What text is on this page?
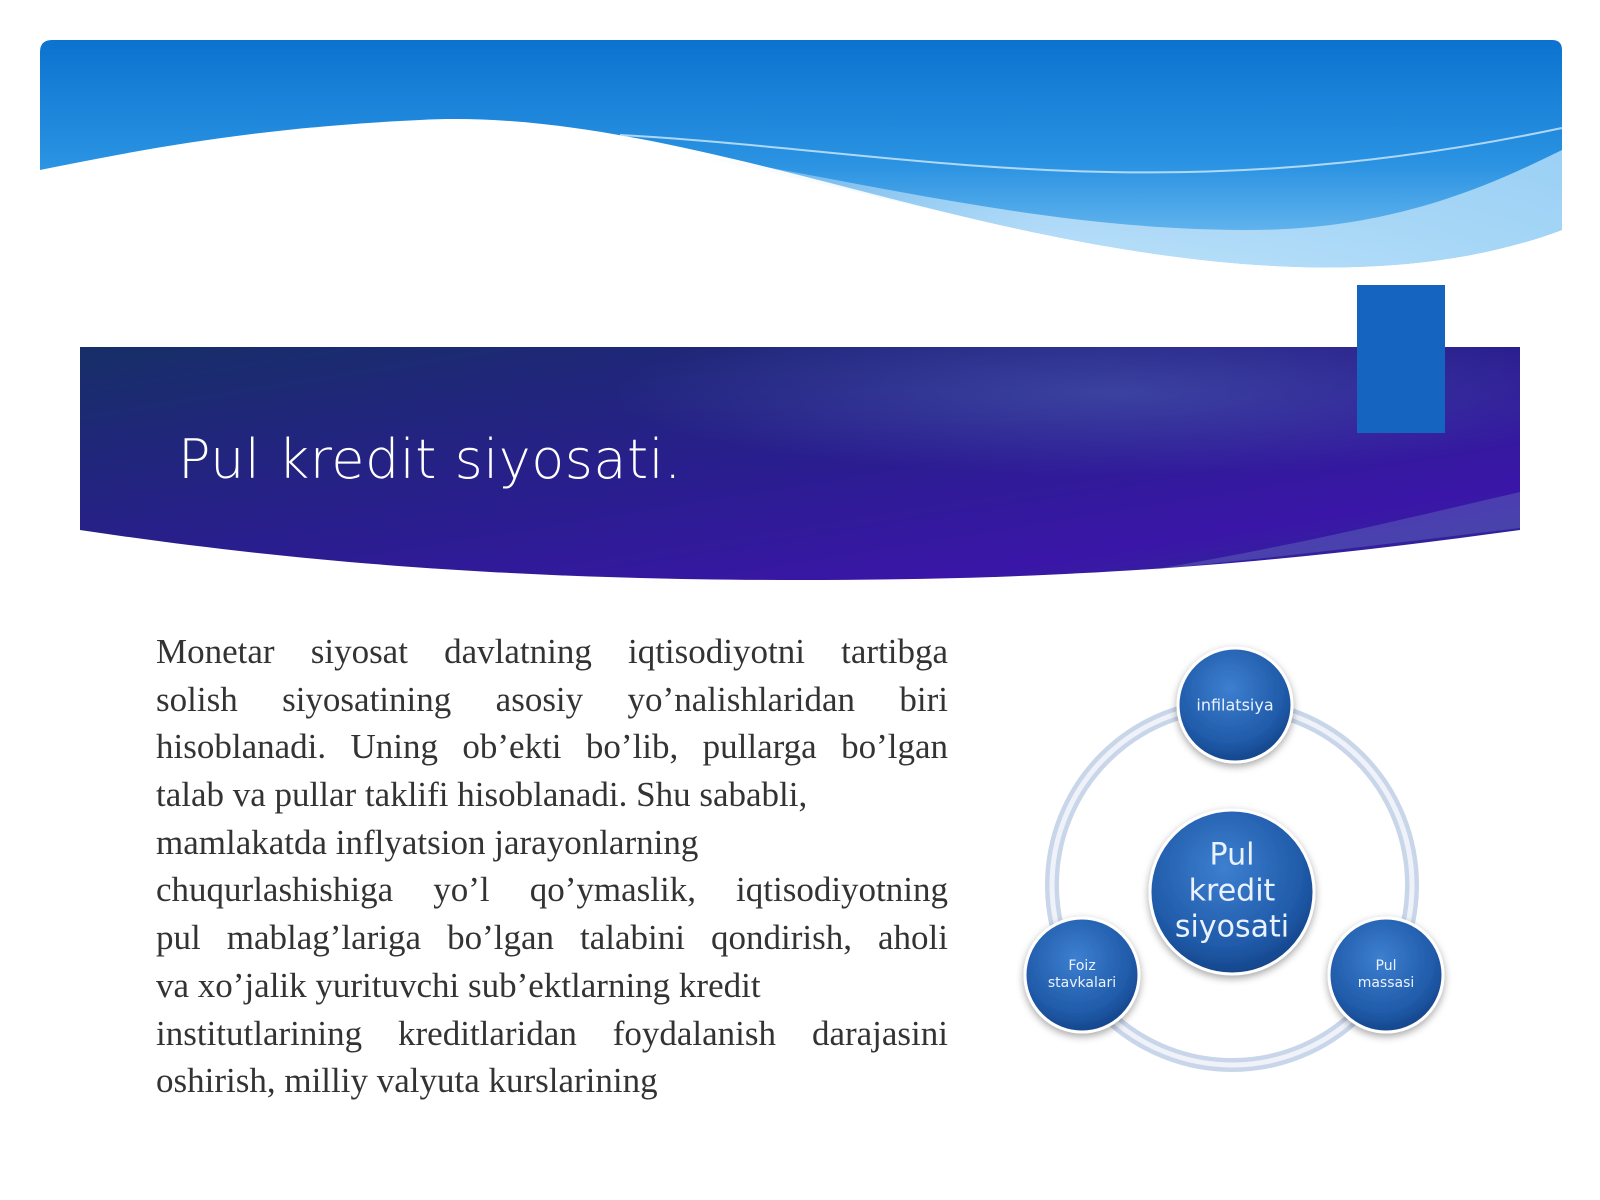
Pul kredit siyosati.
Monetar siyosat davlatning iqtisodiyotni tartibga
solish siyosatining asosiy yo’nalishlaridan biri
hisoblanadi. Uning ob’ekti bo’lib, pullarga bo’lgan
talab va pullar taklifi hisoblanadi. Shu sababli,
mamlakatda inflyatsion jarayonlarning
chuqurlashishiga yo’l qo’ymaslik, iqtisodiyotning
pul mablag’lariga bo’lgan talabini qondirish, aholi
va xo’jalik yurituvchi sub’ektlarning kredit
institutlarining kreditlaridan foydalanish darajasini
oshirish, milliy valyuta kurslarining
Pul
kredit
siyosati
infilatsiya
Foiz
stavkalari
Pul
massasi
